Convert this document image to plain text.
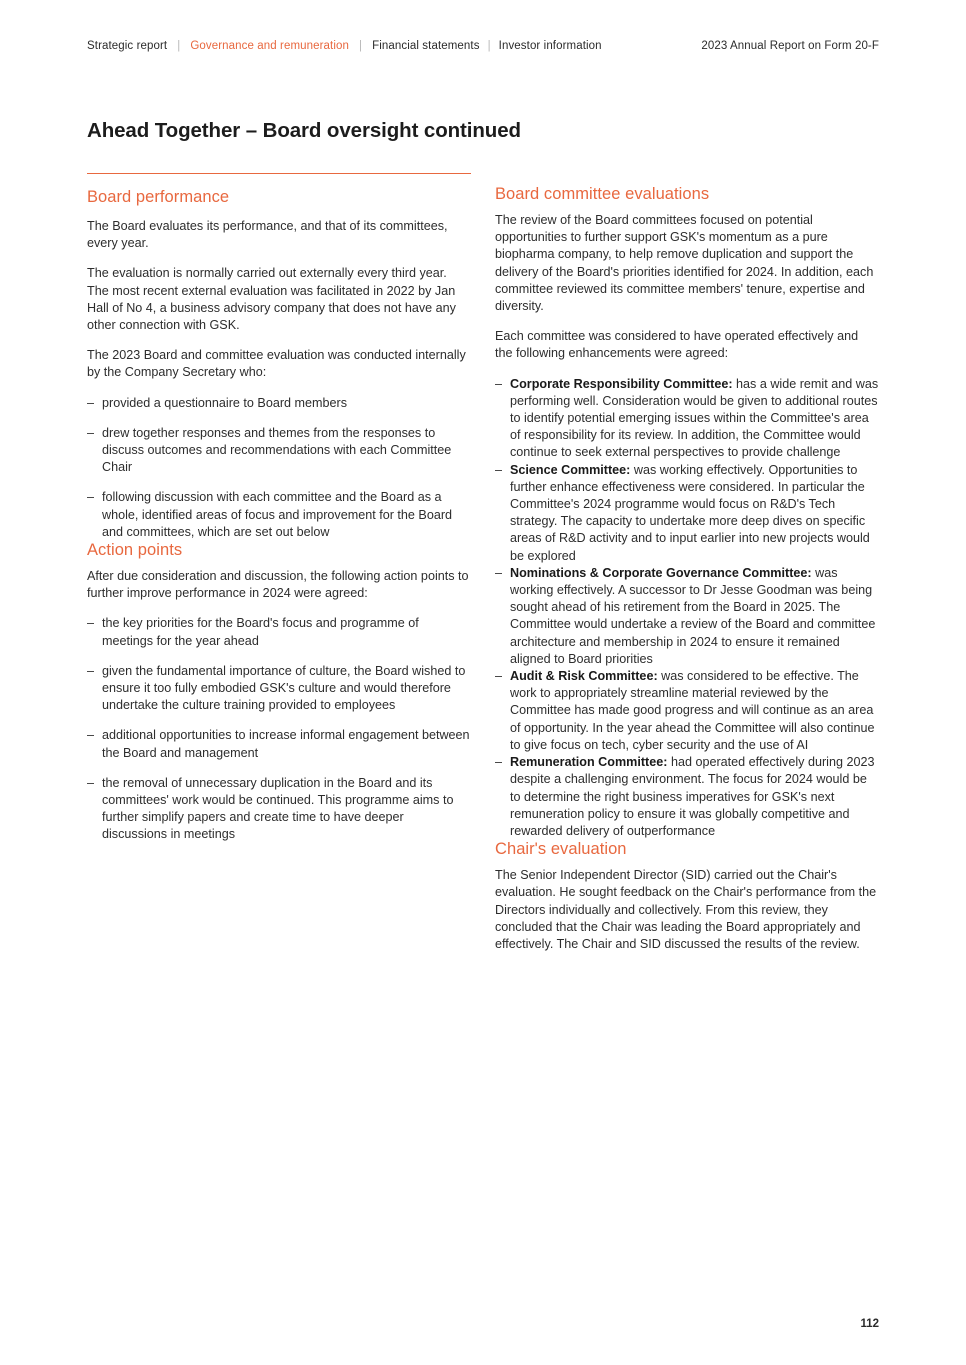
Strategic report | Governance and remuneration | Financial statements | Investor information	2023 Annual Report on Form 20-F
Ahead Together – Board oversight continued
Board performance

The Board evaluates its performance, and that of its committees, every year.

The evaluation is normally carried out externally every third year. The most recent external evaluation was facilitated in 2022 by Jan Hall of No 4, a business advisory company that does not have any other connection with GSK.

The 2023 Board and committee evaluation was conducted internally by the Company Secretary who:

– provided a questionnaire to Board members
– drew together responses and themes from the responses to discuss outcomes and recommendations with each Committee Chair
– following discussion with each committee and the Board as a whole, identified areas of focus and improvement for the Board and committees, which are set out below
Action points

After due consideration and discussion, the following action points to further improve performance in 2024 were agreed:

– the key priorities for the Board's focus and programme of meetings for the year ahead
– given the fundamental importance of culture, the Board wished to ensure it too fully embodied GSK's culture and would therefore undertake the culture training provided to employees
– additional opportunities to increase informal engagement between the Board and management
– the removal of unnecessary duplication in the Board and its committees' work would be continued. This programme aims to further simplify papers and create time to have deeper discussions in meetings
Board committee evaluations

The review of the Board committees focused on potential opportunities to further support GSK's momentum as a pure biopharma company, to help remove duplication and support the delivery of the Board's priorities identified for 2024. In addition, each committee reviewed its committee members' tenure, expertise and diversity.

Each committee was considered to have operated effectively and the following enhancements were agreed:

– Corporate Responsibility Committee: has a wide remit and was performing well. Consideration would be given to additional routes to identify potential emerging issues within the Committee's area of responsibility for its review. In addition, the Committee would continue to seek external perspectives to provide challenge
– Science Committee: was working effectively. Opportunities to further enhance effectiveness were considered. In particular the Committee's 2024 programme would focus on R&D's Tech strategy. The capacity to undertake more deep dives on specific areas of R&D activity and to input earlier into new projects would be explored
– Nominations & Corporate Governance Committee: was working effectively. A successor to Dr Jesse Goodman was being sought ahead of his retirement from the Board in 2025. The Committee would undertake a review of the Board and committee architecture and membership in 2024 to ensure it remained aligned to Board priorities
– Audit & Risk Committee: was considered to be effective. The work to appropriately streamline material reviewed by the Committee has made good progress and will continue as an area of opportunity. In the year ahead the Committee will also continue to give focus on tech, cyber security and the use of AI
– Remuneration Committee: had operated effectively during 2023 despite a challenging environment. The focus for 2024 would be to determine the right business imperatives for GSK's next remuneration policy to ensure it was globally competitive and rewarded delivery of outperformance
Chair's evaluation

The Senior Independent Director (SID) carried out the Chair's evaluation. He sought feedback on the Chair's performance from the Directors individually and collectively. From this review, they concluded that the Chair was leading the Board appropriately and effectively. The Chair and SID discussed the results of the review.

112
